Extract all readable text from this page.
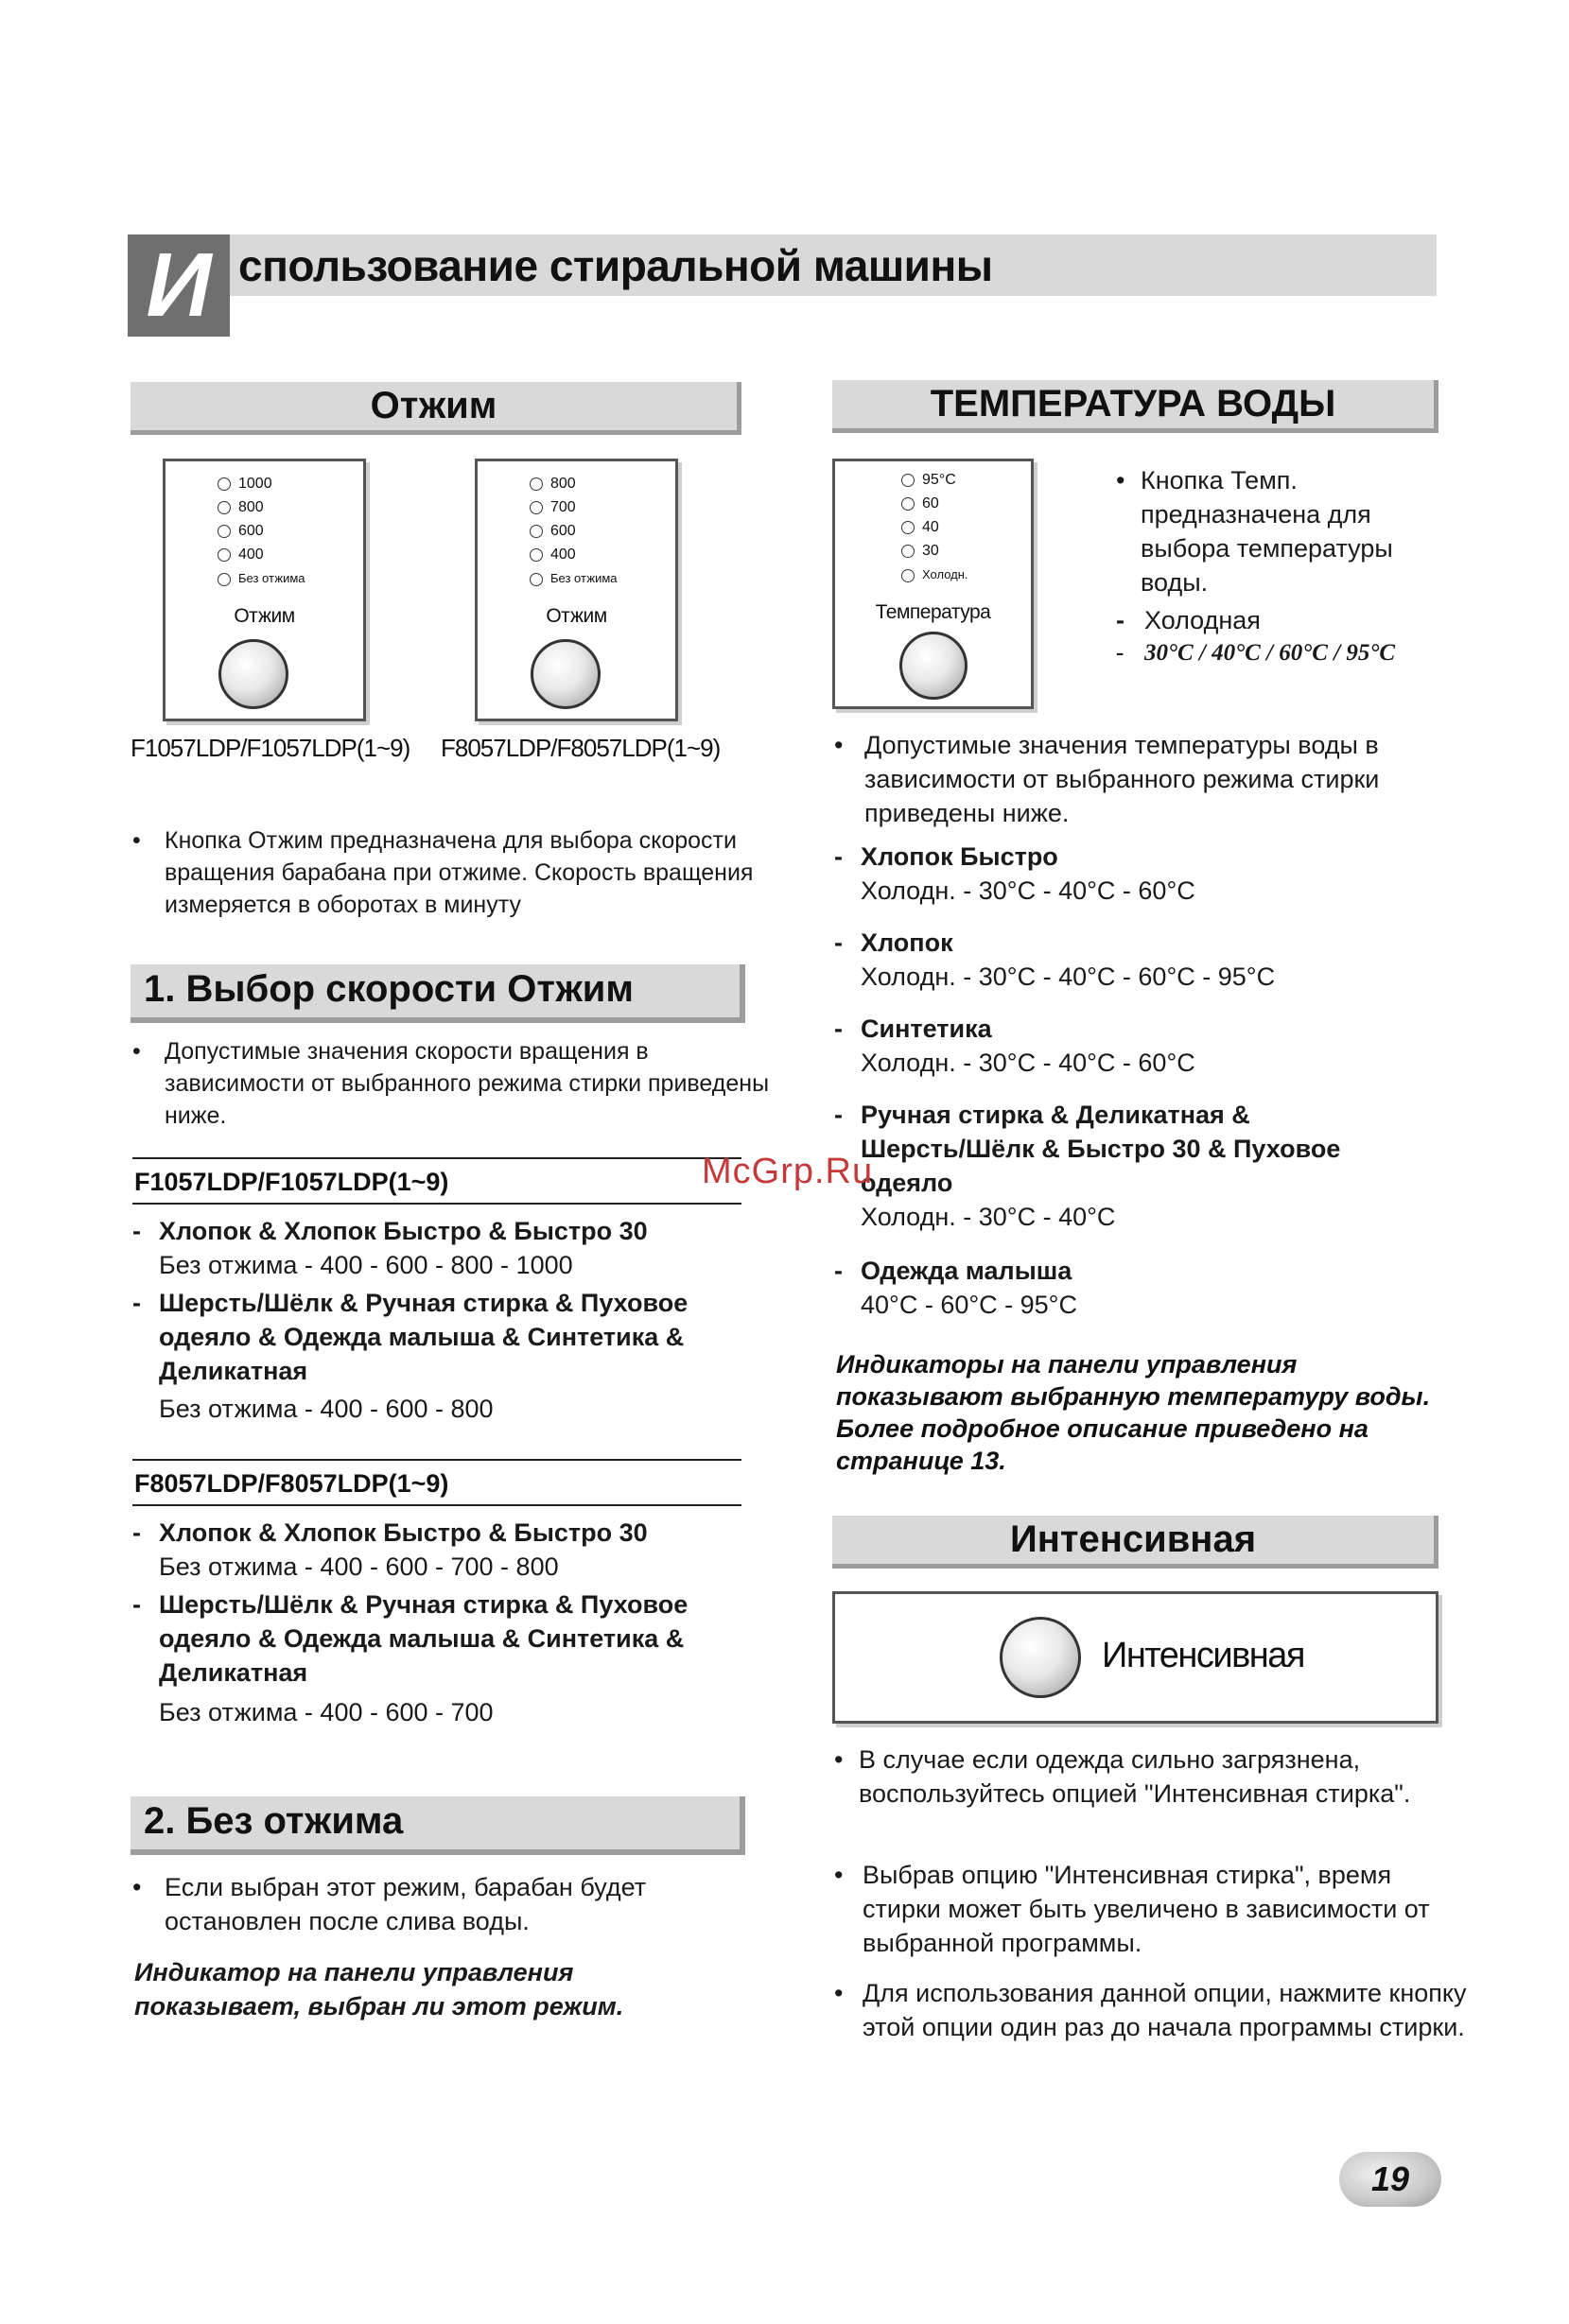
И спользование стиральной машины
Отжим
1000
800
600
400
Без отжима
Отжим
800
700
600
400
Без отжима
Отжим
F1057LDP/F1057LDP(1~9) F8057LDP/F8057LDP(1~9)
• Кнопка Отжим предназначена для выбора скорости вращения барабана при отжиме. Скорость вращения измеряется в оборотах в минуту
1. Выбор скорости Отжим
• Допустимые значения скорости вращения в зависимости от выбранного режима стирки приведены ниже.
F1057LDP/F1057LDP(1~9)
- Хлопок & Хлопок Быстро & Быстро 30
Без отжима - 400 - 600 - 800 - 1000
- Шерсть/Шёлк & Ручная стирка & Пуховое одеяло & Одежда малыша & Синтетика & Деликатная
Без отжима - 400 - 600 - 800
F8057LDP/F8057LDP(1~9)
- Хлопок & Хлопок Быстро & Быстро 30
Без отжима - 400 - 600 - 700 - 800
- Шерсть/Шёлк & Ручная стирка & Пуховое одеяло & Одежда малыша & Синтетика & Деликатная
Без отжима - 400 - 600 - 700
2. Без отжима
• Если выбран этот режим, барабан будет остановлен после слива воды.
Индикатор на панели управления показывает, выбран ли этот режим.
ТЕМПЕРАТУРА ВОДЫ
95°C
60
40
30
Холодн.
Температура
• Кнопка Темп. предназначена для выбора температуры воды.
- Холодная
- 30°C / 40°C / 60°C / 95°C
• Допустимые значения температуры воды в зависимости от выбранного режима стирки приведены ниже.
- Хлопок Быстро
Холодн. - 30°C - 40°C - 60°C
- Хлопок
Холодн. - 30°C - 40°C - 60°C - 95°C
- Синтетика
Холодн. - 30°C - 40°C - 60°C
- Ручная стирка & Деликатная & Шерсть/Шёлк & Быстро 30 & Пуховое одеяло
Холодн. - 30°C - 40°C
- Одежда малыша
40°C - 60°C - 95°C
Индикаторы на панели управления показывают выбранную температуру воды. Более подробное описание приведено на странице 13.
Интенсивная
Интенсивная
• В случае если одежда сильно загрязнена, воспользуйтесь опцией "Интенсивная стирка".
• Выбрав опцию "Интенсивная стирка", время стирки может быть увеличено в зависимости от выбранной программы.
• Для использования данной опции, нажмите кнопку этой опции один раз до начала программы стирки.
McGrp.Ru
19
